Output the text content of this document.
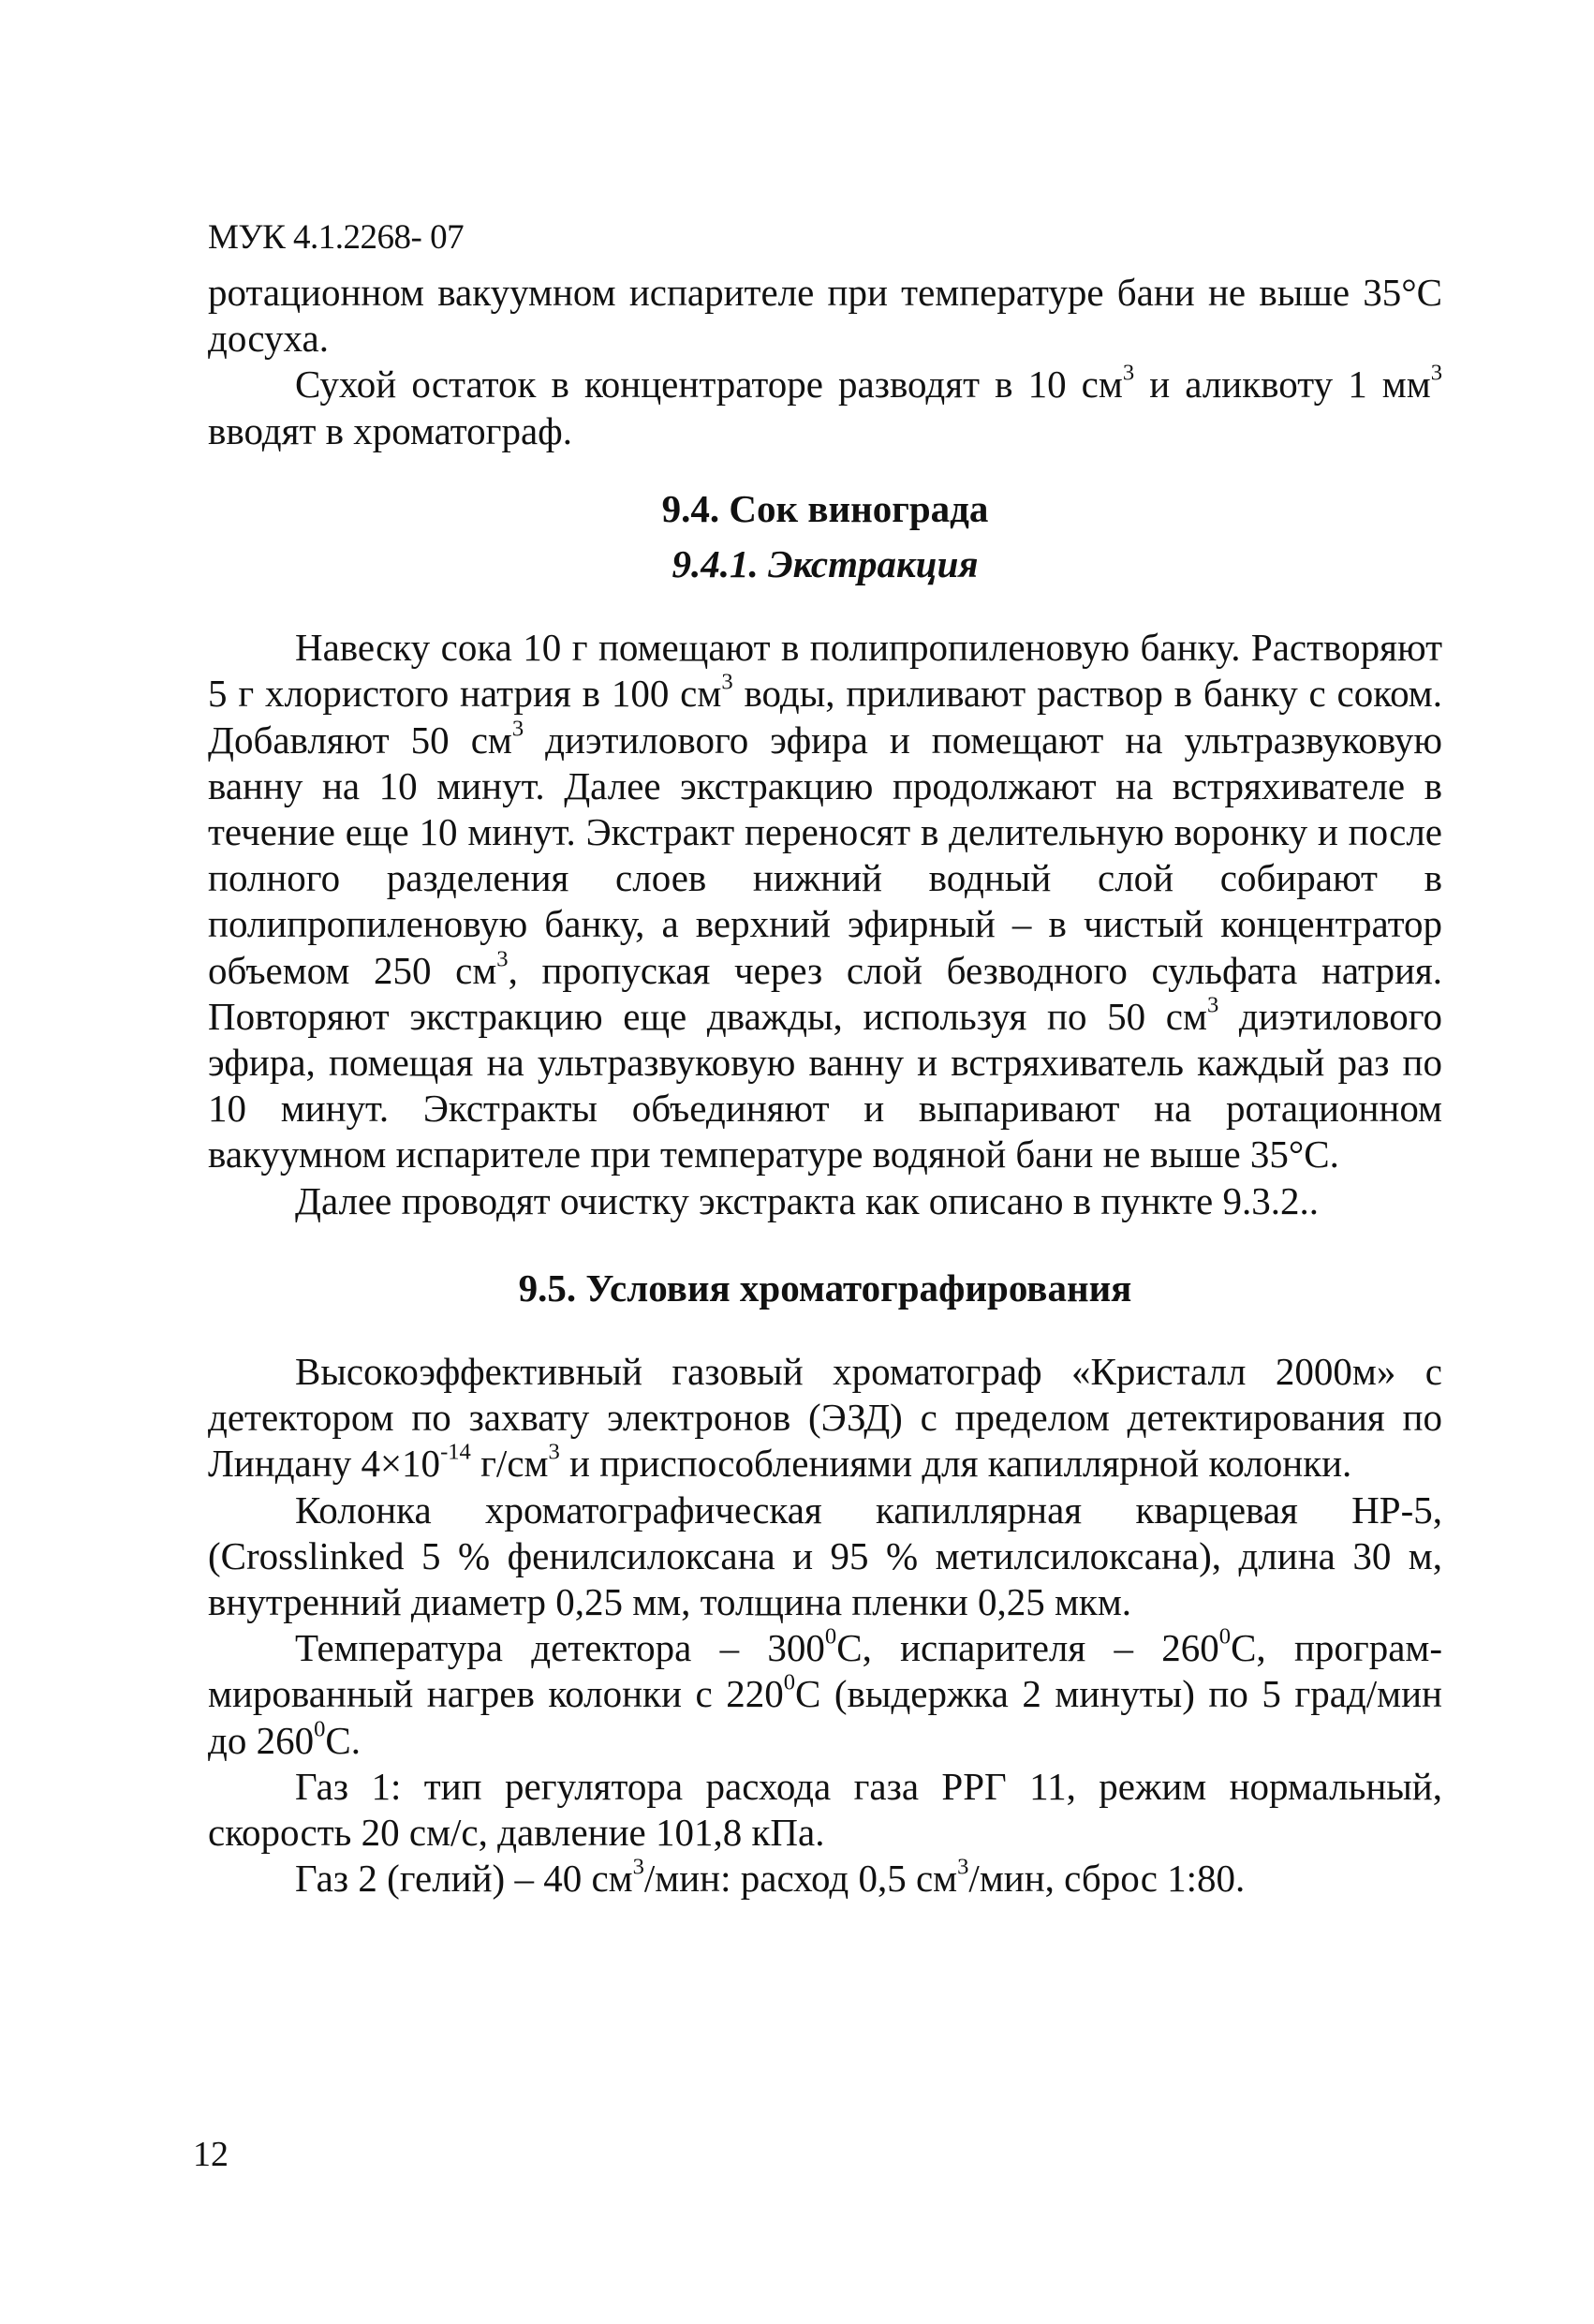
МУК 4.1.2268- 07

ротационном вакуумном испарителе при температуре бани не выше 35°С досуха.

Сухой остаток в концентраторе разводят в 10 $см^3$ и аликвоту 1 $мм^3$ вводят в хроматограф.

9.4. Сок винограда
9.4.1. Экстракция

Навеску сока 10 г помещают в полипропиленовую банку. Растворяют 5 г хлористого натрия в 100 $см^3$ воды, приливают раствор в банку с соком. Добавляют 50 $см^3$ диэтилового эфира и помещают на ультразвуковую ванну на 10 минут. Далее экстракцию продолжают на встряхивателе в течение еще 10 минут. Экстракт переносят в делительную воронку и после полного разделения слоев нижний водный слой собирают в полипропиленовую банку, а верхний эфирный – в чистый концентратор объемом 250 $см^3$, пропуская через слой безводного сульфата натрия. Повторяют экстракцию еще дважды, используя по 50 $см^3$ диэтилового эфира, помещая на ультразвуковую ванну и встряхиватель каждый раз по 10 минут. Экстракты объединяют и выпаривают на ротационном вакуумном испарителе при температуре водяной бани не выше 35°С.

Далее проводят очистку экстракта как описано в пункте 9.3.2..

9.5. Условия хроматографирования

Высокоэффективный газовый хроматограф «Кристалл 2000м» с детектором по захвату электронов (ЭЗД) с пределом детектирования по Линдану $4\times 10^{-14}$ $г/см^3$ и приспособлениями для капиллярной колонки.

Колонка хроматографическая капиллярная кварцевая НР-5, (Crosslinked 5 % фенилсилоксана и 95 % метилсилоксана), длина 30 м, внутренний диаметр 0,25 мм, толщина пленки 0,25 мкм.

Температура детектора – $300^0С$, испарителя – $260^0С$, программированный нагрев колонки с $220^0С$ (выдержка 2 минуты) по 5 град/мин до $260^0С$.

Газ 1: тип регулятора расхода газа РРГ 11, режим нормальный, скорость 20 см/с, давление 101,8 кПа.

Газ 2 (гелий) – 40 $см^3$/мин: расход 0,5 $см^3$/мин, сброс 1:80.

12
